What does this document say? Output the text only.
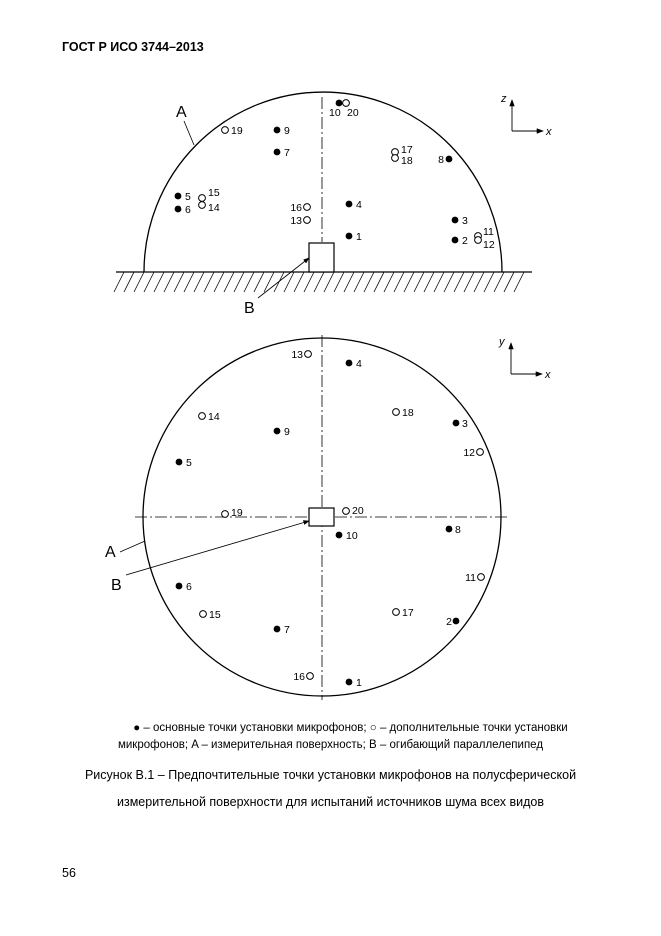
ГОСТ Р ИСО 3744–2013
A
B
z
x
1	2
3
4
5
6
7
8
9
10
11
12
13
14
15
16
17
18
19
20
A
B
y
x
1
2
3
4
5
6
7
8
9
10
11
12
13
14
15
16
17
18
19	20
● – основные точки установки микрофонов; ○ – дополнительные точки установки
микрофонов; A – измерительная поверхность; B – огибающий параллелепипед
Рисунок В.1 – Предпочтительные точки установки микрофонов на полусферической
измерительной поверхности для испытаний источников шума всех видов
56
